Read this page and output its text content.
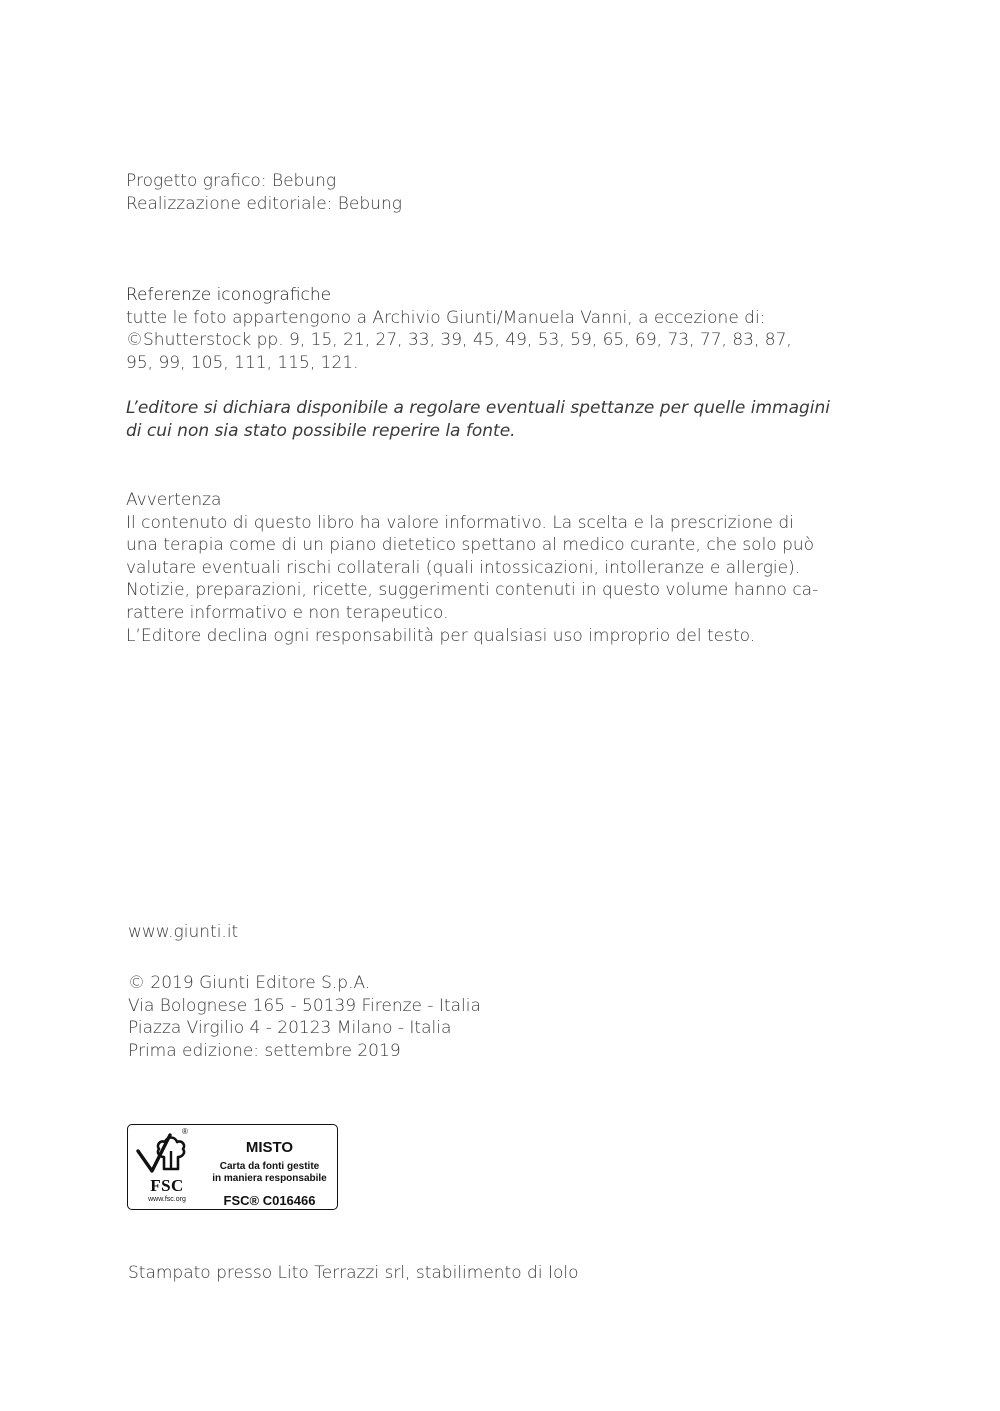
Progetto grafico: Bebung
Realizzazione editoriale: Bebung
Referenze iconografiche
tutte le foto appartengono a Archivio Giunti/Manuela Vanni, a eccezione di:
©Shutterstock pp. 9, 15, 21, 27, 33, 39, 45, 49, 53, 59, 65, 69, 73, 77, 83, 87,
95, 99, 105, 111, 115, 121.
L’editore si dichiara disponibile a regolare eventuali spettanze per quelle immagini
di cui non sia stato possibile reperire la fonte.
Avvertenza
Il contenuto di questo libro ha valore informativo. La scelta e la prescrizione di
una terapia come di un piano dietetico spettano al medico curante, che solo può
valutare eventuali rischi collaterali (quali intossicazioni, intolleranze e allergie).
Notizie, preparazioni, ricette, suggerimenti contenuti in questo volume hanno ca-
rattere informativo e non terapeutico.
L’Editore declina ogni responsabilità per qualsiasi uso improprio del testo.
www.giunti.it
© 2019 Giunti Editore S.p.A.
Via Bolognese 165 - 50139 Firenze - Italia
Piazza Virgilio 4 - 20123 Milano - Italia
Prima edizione: settembre 2019
®
FSC
www.fsc.org
MISTO
Carta da fonti gestite
in maniera responsabile
FSC® C016466
Stampato presso Lito Terrazzi srl, stabilimento di Iolo
